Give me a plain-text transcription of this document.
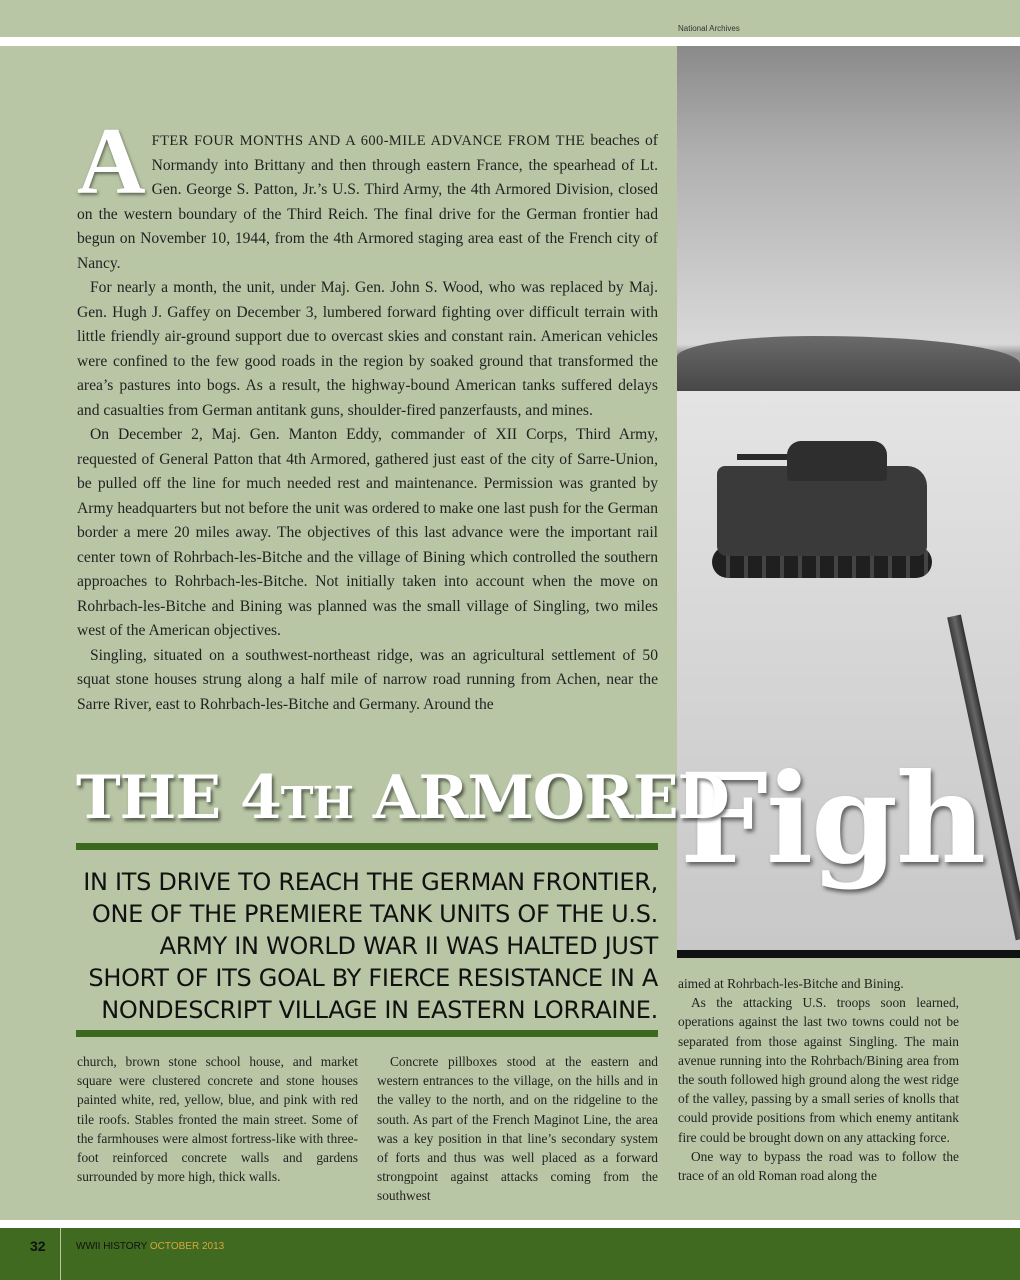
National Archives
Figh

AFTER FOUR MONTHS AND A 600-MILE ADVANCE FROM THE beaches of Normandy into Brittany and then through eastern France, the spearhead of Lt. Gen. George S. Patton, Jr.’s U.S. Third Army, the 4th Armored Division, closed on the western boundary of the Third Reich. The final drive for the German frontier had begun on November 10, 1944, from the 4th Armored staging area east of the French city of Nancy.

For nearly a month, the unit, under Maj. Gen. John S. Wood, who was replaced by Maj. Gen. Hugh J. Gaffey on December 3, lumbered forward fighting over difficult terrain with little friendly air-ground support due to overcast skies and constant rain. American vehicles were confined to the few good roads in the region by soaked ground that transformed the area’s pastures into bogs. As a result, the highway-bound American tanks suffered delays and casualties from German antitank guns, shoulder-fired panzerfausts, and mines.

On December 2, Maj. Gen. Manton Eddy, commander of XII Corps, Third Army, requested of General Patton that 4th Armored, gathered just east of the city of Sarre-Union, be pulled off the line for much needed rest and maintenance. Permission was granted by Army headquarters but not before the unit was ordered to make one last push for the German border a mere 20 miles away. The objectives of this last advance were the important rail center town of Rohrbach-les-Bitche and the village of Bining which controlled the southern approaches to Rohrbach-les-Bitche. Not initially taken into account when the move on Rohrbach-les-Bitche and Bining was planned was the small village of Singling, two miles west of the American objectives.

Singling, situated on a southwest-northeast ridge, was an agricultural settlement of 50 squat stone houses strung along a half mile of narrow road running from Achen, near the Sarre River, east to Rohrbach-les-Bitche and Germany. Around the

THE 4TH ARMORED
IN ITS DRIVE TO REACH THE GERMAN FRONTIER, ONE OF THE PREMIERE TANK UNITS OF THE U.S. ARMY IN WORLD WAR II WAS HALTED JUST SHORT OF ITS GOAL BY FIERCE RESISTANCE IN A NONDESCRIPT VILLAGE IN EASTERN LORRAINE.

church, brown stone school house, and market square were clustered concrete and stone houses painted white, red, yellow, blue, and pink with red tile roofs. Stables fronted the main street. Some of the farmhouses were almost fortress-like with three-foot reinforced concrete walls and gardens surrounded by more high, thick walls.

Concrete pillboxes stood at the eastern and western entrances to the village, on the hills and in the valley to the north, and on the ridgeline to the south. As part of the French Maginot Line, the area was a key position in that line’s secondary system of forts and thus was well placed as a forward strongpoint against attacks coming from the southwest

aimed at Rohrbach-les-Bitche and Bining.

As the attacking U.S. troops soon learned, operations against the last two towns could not be separated from those against Singling. The main avenue running into the Rohrbach/Bining area from the south followed high ground along the west ridge of the valley, passing by a small series of knolls that could provide positions from which enemy antitank fire could be brought down on any attacking force.

One way to bypass the road was to follow the trace of an old Roman road along the

32	WWII HISTORY OCTOBER 2013
